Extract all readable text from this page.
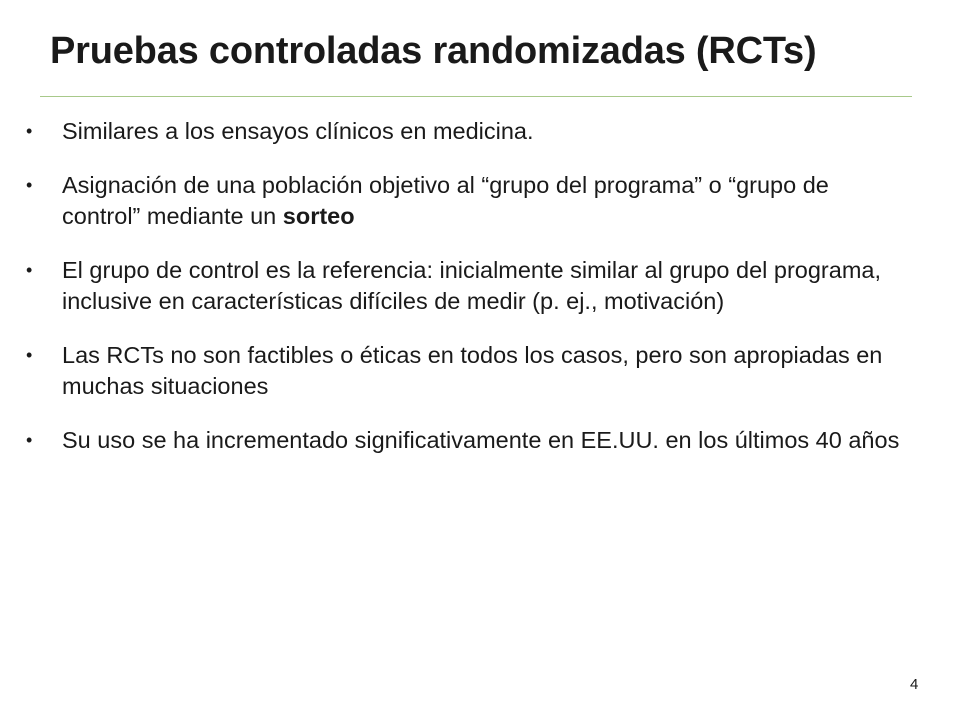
Pruebas controladas randomizadas (RCTs)
• Similares a los ensayos clínicos en medicina.
• Asignación de una población objetivo al “grupo del programa” o “grupo de control” mediante un sorteo
• El grupo de control es la referencia: inicialmente similar al grupo del programa, inclusive en características difíciles de medir (p. ej., motivación)
• Las RCTs no son factibles o éticas en todos los casos, pero son apropiadas en muchas situaciones
• Su uso se ha incrementado significativamente en EE.UU. en los últimos 40 años
4
